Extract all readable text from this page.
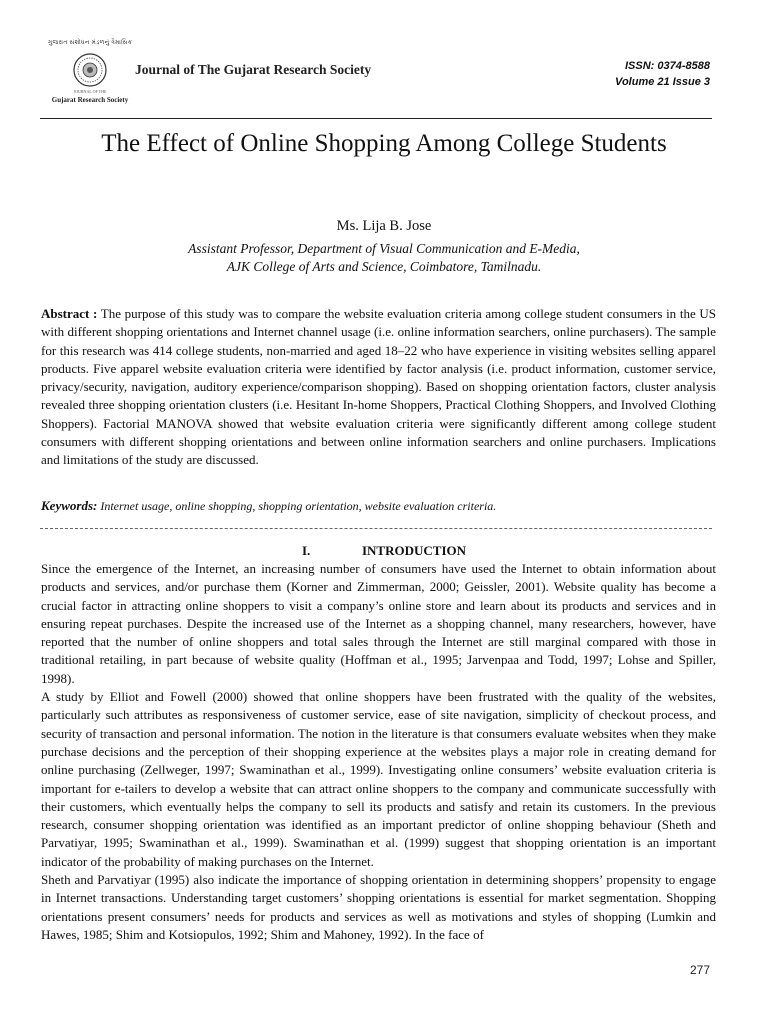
ગુજરાત સંશોધન મંડળનું ત્રૈમાસિક
JOURNAL OF THE
Gujarat Research Society
Journal of The Gujarat Research Society	ISSN: 0374-8588
Volume 21 Issue 3
The Effect of Online Shopping Among College Students
Ms. Lija B. Jose
Assistant Professor, Department of Visual Communication and E-Media,
AJK College of Arts and Science, Coimbatore, Tamilnadu.

Abstract : The purpose of this study was to compare the website evaluation criteria among college student consumers in the US with different shopping orientations and Internet channel usage (i.e. online information searchers, online purchasers). The sample for this research was 414 college students, non-married and aged 18–22 who have experience in visiting websites selling apparel products. Five apparel website evaluation criteria were identified by factor analysis (i.e. product information, customer service, privacy/security, navigation, auditory experience/comparison shopping). Based on shopping orientation factors, cluster analysis revealed three shopping orientation clusters (i.e. Hesitant In-home Shoppers, Practical Clothing Shoppers, and Involved Clothing Shoppers). Factorial MANOVA showed that website evaluation criteria were significantly different among college student consumers with different shopping orientations and between online information searchers and online purchasers. Implications and limitations of the study are discussed.

Keywords: Internet usage, online shopping, shopping orientation, website evaluation criteria.

I.	INTRODUCTION

Since the emergence of the Internet, an increasing number of consumers have used the Internet to obtain information about products and services, and/or purchase them (Korner and Zimmerman, 2000; Geissler, 2001). Website quality has become a crucial factor in attracting online shoppers to visit a company’s online store and learn about its products and services and in ensuring repeat purchases. Despite the increased use of the Internet as a shopping channel, many researchers, however, have reported that the number of online shoppers and total sales through the Internet are still marginal compared with those in traditional retailing, in part because of website quality (Hoffman et al., 1995; Jarvenpaa and Todd, 1997; Lohse and Spiller, 1998).

A study by Elliot and Fowell (2000) showed that online shoppers have been frustrated with the quality of the websites, particularly such attributes as responsiveness of customer service, ease of site navigation, simplicity of checkout process, and security of transaction and personal information. The notion in the literature is that consumers evaluate websites when they make purchase decisions and the perception of their shopping experience at the websites plays a major role in creating demand for online purchasing (Zellweger, 1997; Swaminathan et al., 1999). Investigating online consumers’ website evaluation criteria is important for e-tailers to develop a website that can attract online shoppers to the company and communicate successfully with their customers, which eventually helps the company to sell its products and satisfy and retain its customers. In the previous research, consumer shopping orientation was identified as an important predictor of online shopping behaviour (Sheth and Parvatiyar, 1995; Swaminathan et al., 1999). Swaminathan et al. (1999) suggest that shopping orientation is an important indicator of the probability of making purchases on the Internet.

Sheth and Parvatiyar (1995) also indicate the importance of shopping orientation in determining shoppers’ propensity to engage in Internet transactions. Understanding target customers’ shopping orientations is essential for market segmentation. Shopping orientations present consumers’ needs for products and services as well as motivations and styles of shopping (Lumkin and Hawes, 1985; Shim and Kotsiopulos, 1992; Shim and Mahoney, 1992). In the face of

277
